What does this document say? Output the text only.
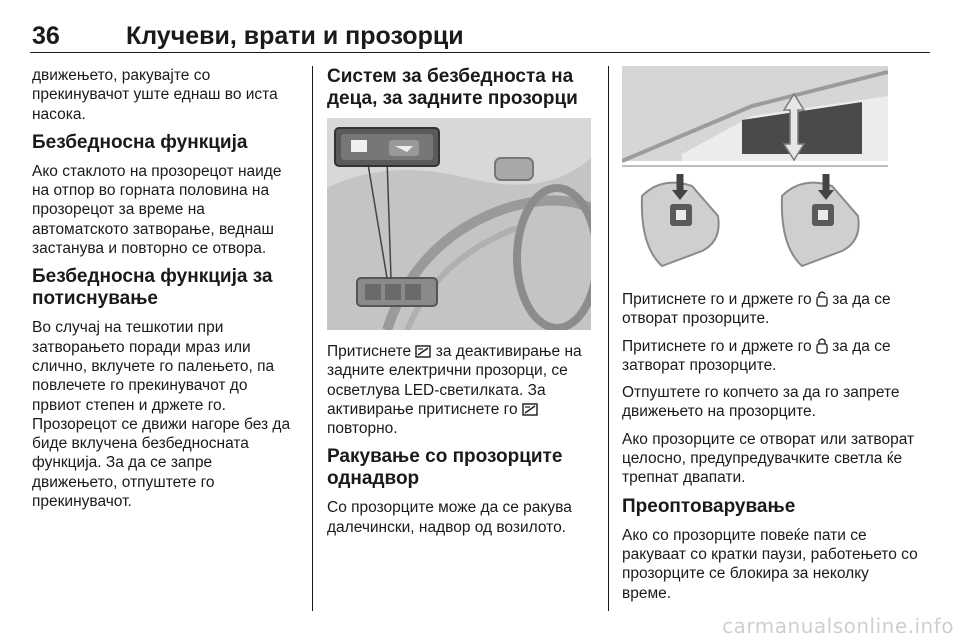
36	Клучеви, врати и прозорци

движењето, ракувајте со прекинувачот уште еднаш во иста насока.

Безбедносна функција

Ако стаклото на прозорецот наиде на отпор во горната половина на прозорецот за време на автоматското затворање, веднаш застанува и повторно се отвора.

Безбедносна функција за потиснување

Во случај на тешкотии при затворањето поради мраз или слично, вклучете го палењето, па повлечете го прекинувачот до првиот степен и држете го. Прозорецот се движи нагоре без да биде вклучена безбедносната функција. За да се запре движењето, отпуштете го прекинувачот.

Систем за безбедноста на деца, за задните прозорци

Притиснете за деактивирање на задните електрични прозорци, се осветлува LED-светилката. За активирање притиснете го  повторно.

Ракување со прозорците однадвор

Со прозорците може да се ракува далечински, надвор од возилото.

Притиснете го и држете го за да се отворат прозорците.

Притиснете го и држете го за да се затворат прозорците.

Отпуштете го копчето за да го запрете движењето на прозорците.

Ако прозорците се отворат или затворат целосно, предупредувачките светла ќе трепнат двапати.

Преоптоварување

Ако со прозорците повеќе пати се ракуваат со кратки паузи, работењето со прозорците се блокира за неколку време.

carmanualsonline.info
